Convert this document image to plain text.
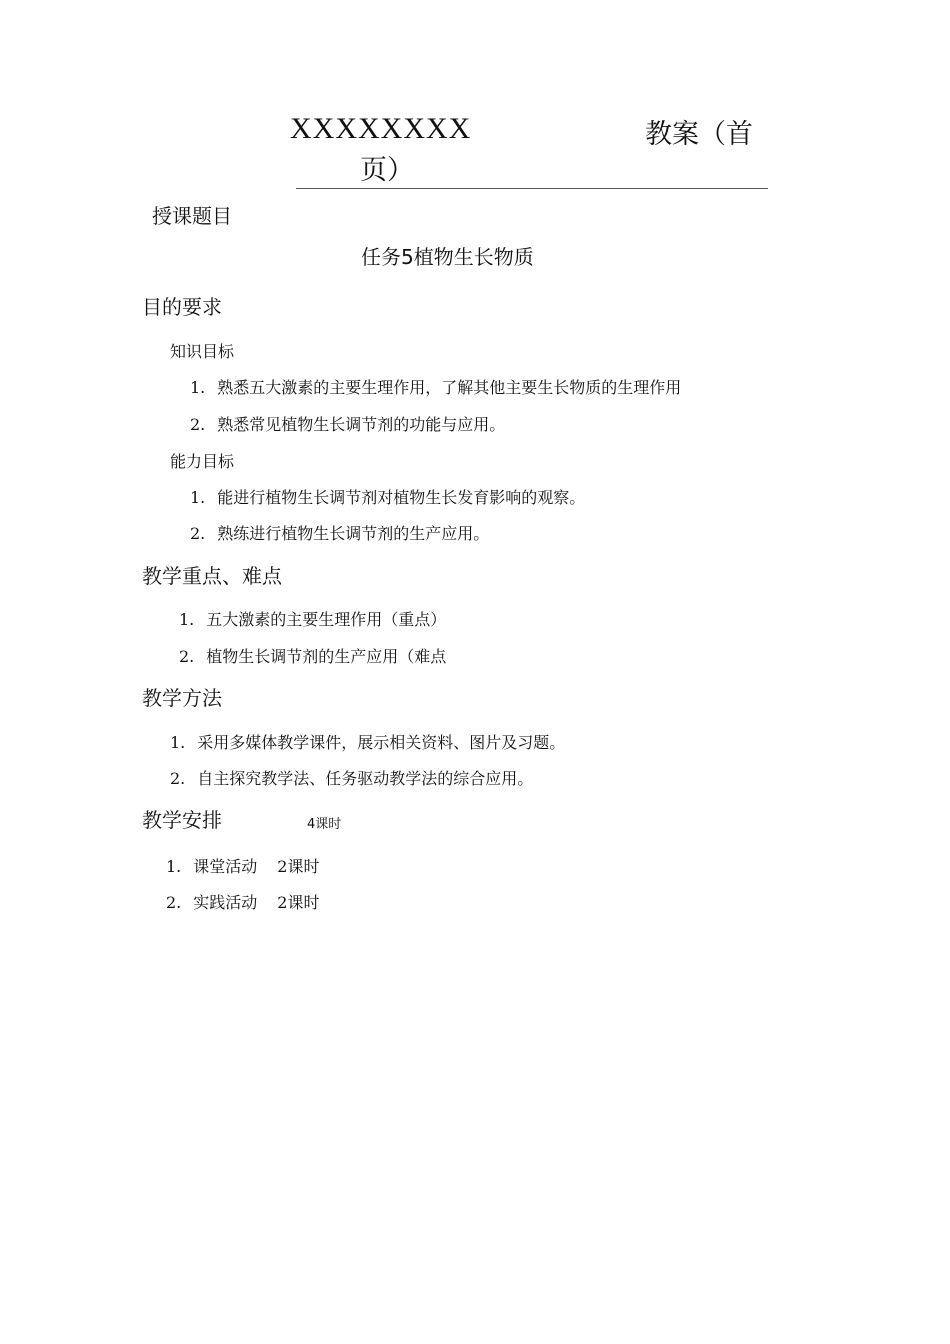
XXXXXXXX	教案（首
页）
授课题目
任务5植物生长物质
目的要求
知识目标
1. 熟悉五大激素的主要生理作用，了解其他主要生长物质的生理作用
2. 熟悉常见植物生长调节剂的功能与应用。
能力目标
1. 能进行植物生长调节剂对植物生长发育影响的观察。
2. 熟练进行植物生长调节剂的生产应用。
教学重点、难点
1. 五大激素的主要生理作用（重点）
2. 植物生长调节剂的生产应用（难点
教学方法
1. 采用多媒体教学课件，展示相关资料、图片及习题。
2. 自主探究教学法、任务驱动教学法的综合应用。
教学安排	4课时
1. 课堂活动 2课时
2. 实践活动 2课时
